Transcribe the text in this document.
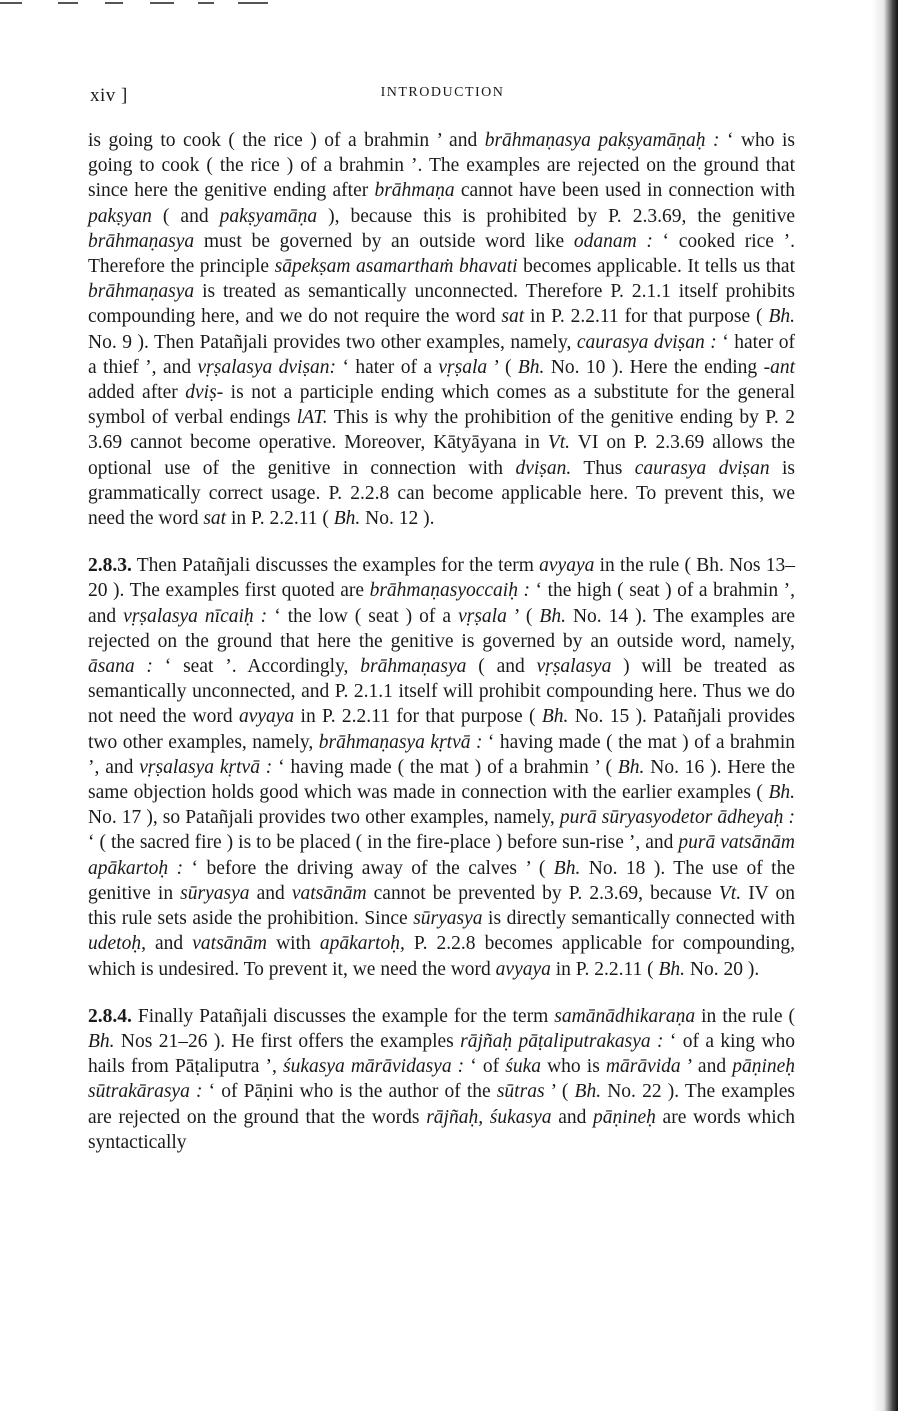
xiv ]	INTRODUCTION

is going to cook ( the rice ) of a brahmin ’ and brāhmaṇasya pakṣyamāṇaḥ : ‘ who is going to cook ( the rice ) of a brahmin ’. The examples are rejected on the ground that since here the genitive ending after brāhmaṇa cannot have been used in connection with pakṣyan ( and pakṣyamāṇa ), because this is prohibited by P. 2.3.69, the genitive brāhmaṇasya must be governed by an outside word like odanam : ‘ cooked rice ’. Therefore the principle sāpekṣam asamarthaṁ bhavati becomes applicable. It tells us that brāhmaṇasya is treated as semantically unconnected. Therefore P. 2.1.1 itself prohibits compounding here, and we do not require the word sat in P. 2.2.11 for that purpose ( Bh. No. 9 ). Then Patañjali provides two other examples, namely, caurasya dviṣan : ‘ hater of a thief ’, and vṛṣalasya dviṣan: ‘ hater of a vṛṣala ’ ( Bh. No. 10 ). Here the ending -ant added after dviṣ- is not a participle ending which comes as a substitute for the general symbol of verbal endings lAT. This is why the prohibition of the genitive ending by P. 2 3.69 cannot become operative. Moreover, Kātyāyana in Vt. VI on P. 2.3.69 allows the optional use of the genitive in connection with dviṣan. Thus caurasya dviṣan is grammatically correct usage. P. 2.2.8 can become applicable here. To prevent this, we need the word sat in P. 2.2.11 ( Bh. No. 12 ).

2.8.3. Then Patañjali discusses the examples for the term avyaya in the rule ( Bh. Nos 13–20 ). The examples first quoted are brāhmaṇasyoccaiḥ : ‘ the high ( seat ) of a brahmin ’, and vṛṣalasya nīcaiḥ : ‘ the low ( seat ) of a vṛṣala ’ ( Bh. No. 14 ). The examples are rejected on the ground that here the genitive is governed by an outside word, namely, āsana : ‘ seat ’. Accordingly, brāhmaṇasya ( and vṛṣalasya ) will be treated as semantically unconnected, and P. 2.1.1 itself will prohibit compounding here. Thus we do not need the word avyaya in P. 2.2.11 for that purpose ( Bh. No. 15 ). Patañjali provides two other examples, namely, brāhmaṇasya kṛtvā : ‘ having made ( the mat ) of a brahmin ’, and vṛṣalasya kṛtvā : ‘ having made ( the mat ) of a brahmin ’ ( Bh. No. 16 ). Here the same objection holds good which was made in connection with the earlier examples ( Bh. No. 17 ), so Patañjali provides two other examples, namely, purā sūryasyodetor ādheyaḥ : ‘ ( the sacred fire ) is to be placed ( in the fire-place ) before sun-rise ’, and purā vatsānām apākartoḥ : ‘ before the driving away of the calves ’ ( Bh. No. 18 ). The use of the genitive in sūryasya and vatsānām cannot be prevented by P. 2.3.69, because Vt. IV on this rule sets aside the prohibition. Since sūryasya is directly semantically connected with udetoḥ, and vatsānām with apākartoḥ, P. 2.2.8 becomes applicable for compounding, which is undesired. To prevent it, we need the word avyaya in P. 2.2.11 ( Bh. No. 20 ).

2.8.4. Finally Patañjali discusses the example for the term samānādhikaraṇa in the rule ( Bh. Nos 21–26 ). He first offers the examples rājñaḥ pāṭaliputrakasya : ‘ of a king who hails from Pāṭaliputra ’, śukasya mārāvidasya : ‘ of śuka who is mārāvida ’ and pāṇineḥ sūtrakārasya : ‘ of Pāṇini who is the author of the sūtras ’ ( Bh. No. 22 ). The examples are rejected on the ground that the words rājñaḥ, śukasya and pāṇineḥ are words which syntactically
